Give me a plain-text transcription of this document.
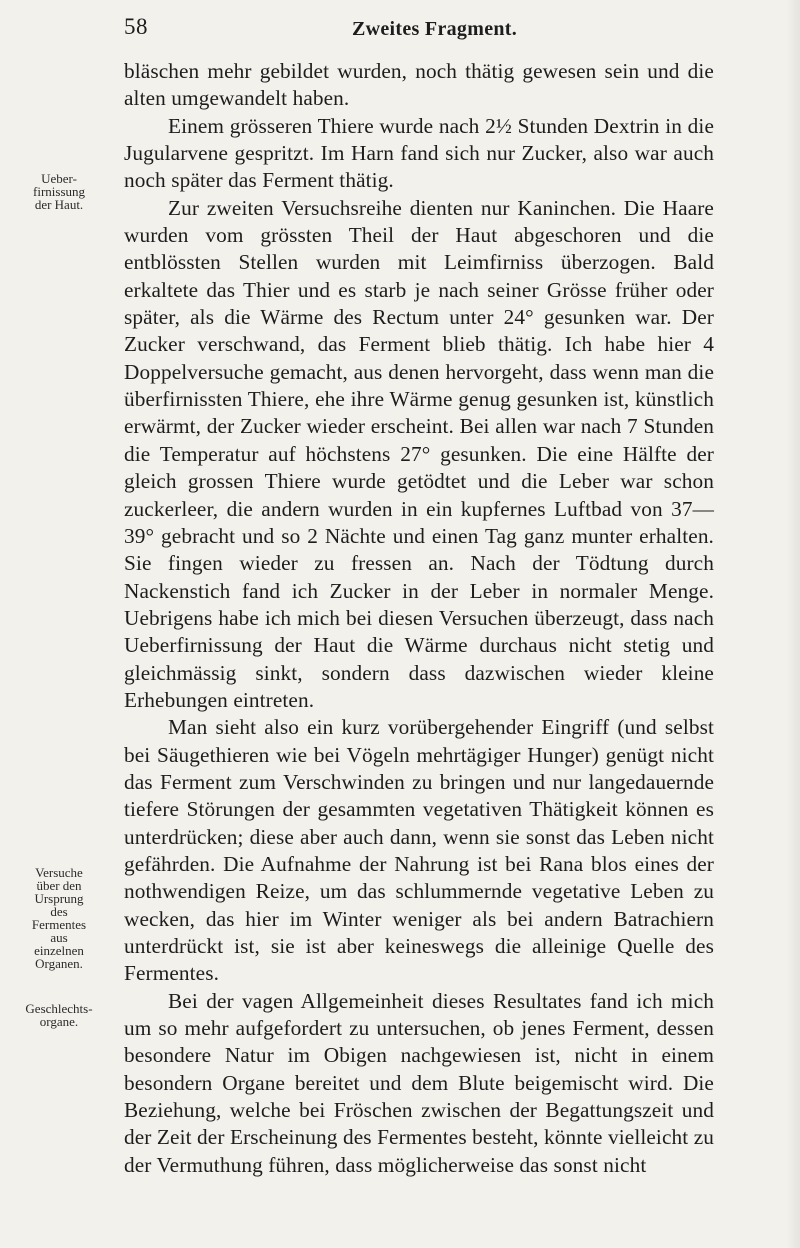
58	Zweites Fragment.
Ueber-
firnissung
der Haut.
Versuche
über den
Ursprung
des
Fermentes
aus
einzelnen
Organen.
Geschlechts-
organe.

bläschen mehr gebildet wurden, noch thätig gewesen sein und die alten umgewandelt haben.

Einem grösseren Thiere wurde nach 2½ Stunden Dextrin in die Jugularvene gespritzt. Im Harn fand sich nur Zucker, also war auch noch später das Ferment thätig.

Zur zweiten Versuchsreihe dienten nur Kaninchen. Die Haare wurden vom grössten Theil der Haut abgeschoren und die entblössten Stellen wurden mit Leimfirniss überzogen. Bald erkaltete das Thier und es starb je nach seiner Grösse früher oder später, als die Wärme des Rectum unter 24° gesunken war. Der Zucker verschwand, das Ferment blieb thätig. Ich habe hier 4 Doppelversuche gemacht, aus denen hervorgeht, dass wenn man die überfirnissten Thiere, ehe ihre Wärme genug gesunken ist, künstlich erwärmt, der Zucker wieder erscheint. Bei allen war nach 7 Stunden die Temperatur auf höchstens 27° gesunken. Die eine Hälfte der gleich grossen Thiere wurde getödtet und die Leber war schon zuckerleer, die andern wurden in ein kupfernes Luftbad von 37—39° gebracht und so 2 Nächte und einen Tag ganz munter erhalten. Sie fingen wieder zu fressen an. Nach der Tödtung durch Nackenstich fand ich Zucker in der Leber in normaler Menge. Uebrigens habe ich mich bei diesen Versuchen überzeugt, dass nach Ueberfirnissung der Haut die Wärme durchaus nicht stetig und gleichmässig sinkt, sondern dass dazwischen wieder kleine Erhebungen eintreten.

Man sieht also ein kurz vorübergehender Eingriff (und selbst bei Säugethieren wie bei Vögeln mehrtägiger Hunger) genügt nicht das Ferment zum Verschwinden zu bringen und nur langedauernde tiefere Störungen der gesammten vegetativen Thätigkeit können es unterdrücken; diese aber auch dann, wenn sie sonst das Leben nicht gefährden. Die Aufnahme der Nahrung ist bei Rana blos eines der nothwendigen Reize, um das schlummernde vegetative Leben zu wecken, das hier im Winter weniger als bei andern Batrachiern unterdrückt ist, sie ist aber keineswegs die alleinige Quelle des Fermentes.

Bei der vagen Allgemeinheit dieses Resultates fand ich mich um so mehr aufgefordert zu untersuchen, ob jenes Ferment, dessen besondere Natur im Obigen nachgewiesen ist, nicht in einem besondern Organe bereitet und dem Blute beigemischt wird. Die Beziehung, welche bei Fröschen zwischen der Begattungszeit und der Zeit der Erscheinung des Fermentes besteht, könnte vielleicht zu der Vermuthung führen, dass möglicherweise das sonst nicht
